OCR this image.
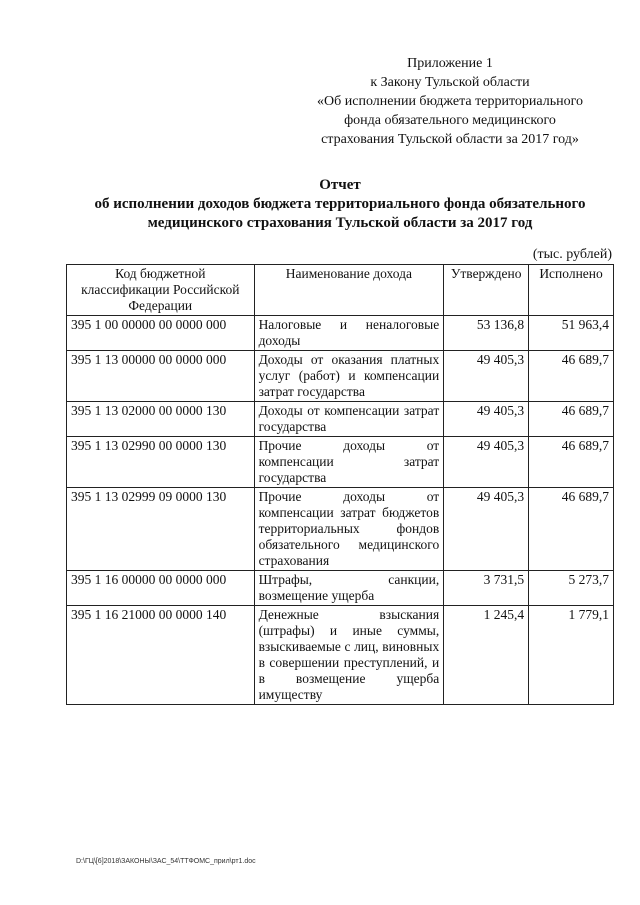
Приложение 1
к Закону Тульской области
«Об исполнении бюджета территориального
фонда обязательного медицинского
страхования Тульской области за 2017 год»
Отчет
об исполнении доходов бюджета территориального фонда обязательного
медицинского страхования Тульской области за 2017 год
(тыс. рублей)
Код бюджетной классификации Российской Федерации	Наименование дохода	Утверждено	Исполнено
395 1 00 00000 00 0000 000	Налоговые и неналоговые доходы	53 136,8	51 963,4
395 1 13 00000 00 0000 000	Доходы от оказания платных услуг (работ) и компенсации затрат государства	49 405,3	46 689,7
395 1 13 02000 00 0000 130	Доходы от компенсации затрат государства	49 405,3	46 689,7
395 1 13 02990 00 0000 130	Прочие доходы от компенсации затрат государства	49 405,3	46 689,7
395 1 13 02999 09 0000 130	Прочие доходы от компенсации затрат бюджетов территориальных фондов обязательного медицинского страхования	49 405,3	46 689,7
395 1 16 00000 00 0000 000	Штрафы, санкции, возмещение ущерба	3 731,5	5 273,7
395 1 16 21000 00 0000 140	Денежные взыскания (штрафы) и иные суммы, взыскиваемые с лиц, виновных в совершении преступлений, и в возмещение ущерба имуществу	1 245,4	1 779,1
D:\ГЦ\[6]2018\ЗАКОНЫ\ЗАС_54\ТТФОМС_прил\рт1.doc
